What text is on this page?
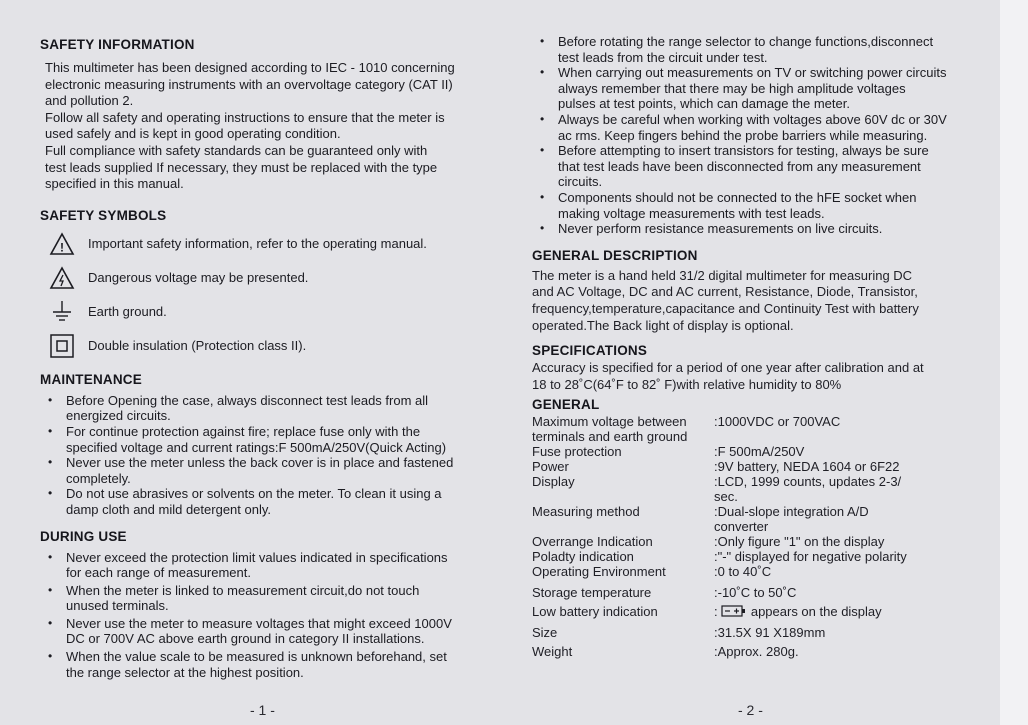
SAFETY INFORMATION

This multimeter has been designed according to IEC - 1010 concerning

electronic measuring instruments with an overvoltage category (CAT II)

and pollution 2.

Follow all safety and operating instructions to ensure that the meter is

used safely and is kept in good operating condition.

Full compliance with safety standards can be guaranteed only with

test leads supplied If necessary, they must be replaced with the type

specified in this manual.

SAFETY SYMBOLS
!	Important safety information, refer to the operating manual.
Dangerous voltage may be presented.
Earth ground.
Double insulation (Protection class II).
MAINTENANCE
• Before Opening the case, always disconnect test leads from all
energized circuits.
• For continue protection against fire; replace fuse only with the
specified voltage and current ratings:F 500mA/250V(Quick Acting)
• Never use the meter unless the back cover is in place and fastened
completely.
• Do not use abrasives or solvents on the meter. To clean it using a
damp cloth and mild detergent only.
DURING USE
• Never exceed the protection limit values indicated in specifications
for each range of measurement.
• When the meter is linked to measurement circuit,do not touch
unused terminals.
• Never use the meter to measure voltages that might exceed 1000V
DC or 700V AC above earth ground in category II installations.
• When the value scale to be measured is unknown beforehand, set
the range selector at the highest position.
- 1 -
• Before rotating the range selector to change functions,disconnect
test leads from the circuit under test.
• When carrying out measurements on TV or switching power circuits
always remember that there may be high amplitude voltages
pulses at test points, which can damage the meter.
• Always be careful when working with voltages above 60V dc or 30V
ac rms. Keep fingers behind the probe barriers while measuring.
• Before attempting to insert transistors for testing, always be sure
that test leads have been disconnected from any measurement
circuits.
• Components should not be connected to the hFE socket when
making voltage measurements with test leads.
• Never perform resistance measurements on live circuits.
GENERAL DESCRIPTION

The meter is a hand held 31/2 digital multimeter for measuring DC

and AC Voltage, DC and AC current, Resistance, Diode, Transistor,

frequency,temperature,capacitance and Continuity Test with battery

operated.The Back light of display is optional.

SPECIFICATIONS

Accuracy is specified for a period of one year after calibration and at

18 to 28˚C(64˚F to 82˚ F)with relative humidity to 80%

GENERAL
Maximum voltage between
terminals and earth ground
:1000VDC or 700VAC
Fuse protection	:F 500mA/250V
Power	:9V battery, NEDA 1604 or 6F22
Display	:LCD, 1999 counts, updates 2-3/
sec.
Measuring method	:Dual-slope integration A/D
converter
Overrange Indication	:Only figure "1" on the display
Poladty indication	:"-" displayed for negative polarity
Operating Environment	:0 to 40˚C
Storage temperature	:-10˚C to 50˚C
Low battery indication	:  appears on the display
Size	:31.5X 91 X189mm
Weight	:Approx. 280g.
- 2 -
